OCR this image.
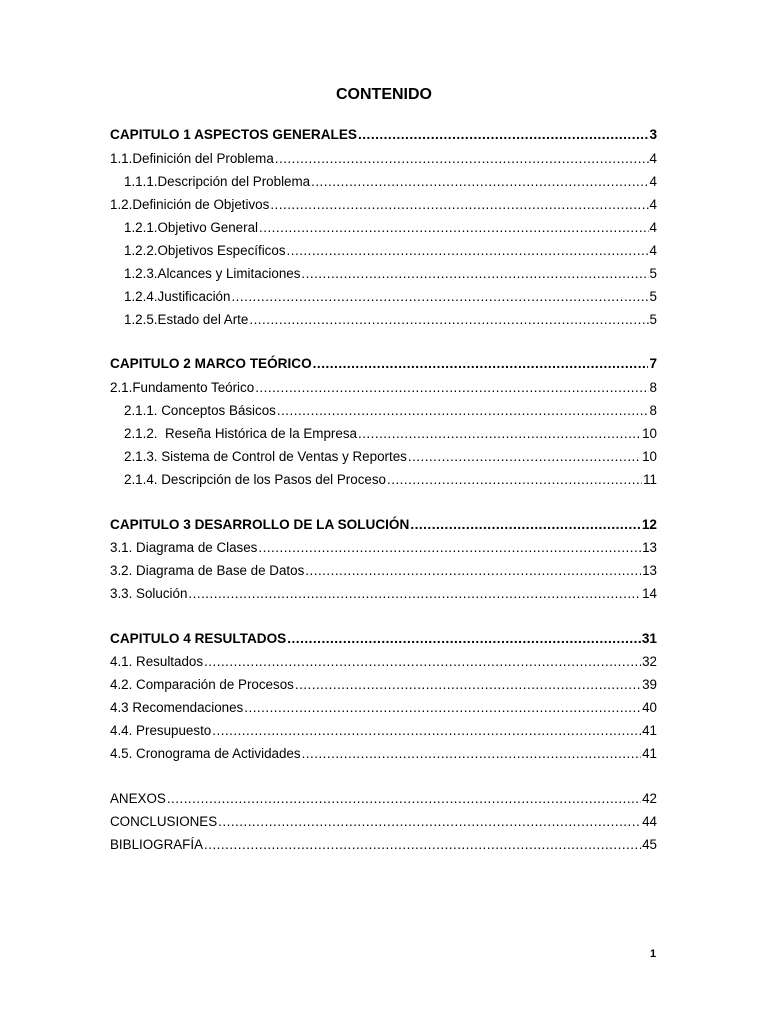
CONTENIDO
CAPITULO 1 ASPECTOS GENERALES .....	3
1.1. Definición del Problema .....	4
1.1.1. Descripción del Problema .....	4
1.2. Definición de Objetivos .....	4
1.2.1. Objetivo General .....	4
1.2.2. Objetivos Específicos .....	4
1.2.3. Alcances y Limitaciones .....	5
1.2.4. Justificación .....	5
1.2.5. Estado del Arte .....	5
CAPITULO 2 MARCO TEÓRICO .....	7
2.1. Fundamento Teórico .....	8
2.1.1. Conceptos Básicos .....	8
2.1.2.  Reseña Histórica de la Empresa .....	10
2.1.3. Sistema de Control de Ventas y Reportes .....	10
2.1.4. Descripción de los Pasos del Proceso .....	11
CAPITULO 3 DESARROLLO DE LA SOLUCIÓN .....	12
3.1. Diagrama de Clases .....	13
3.2. Diagrama de Base de Datos .....	13
3.3. Solución .....	14
CAPITULO 4 RESULTADOS .....	31
4.1. Resultados .....	32
4.2. Comparación de Procesos .....	39
4.3 Recomendaciones .....	40
4.4. Presupuesto .....	41
4.5. Cronograma de Actividades .....	41
ANEXOS .....	42
CONCLUSIONES .....	44
BIBLIOGRAFÍA .....	45
1
